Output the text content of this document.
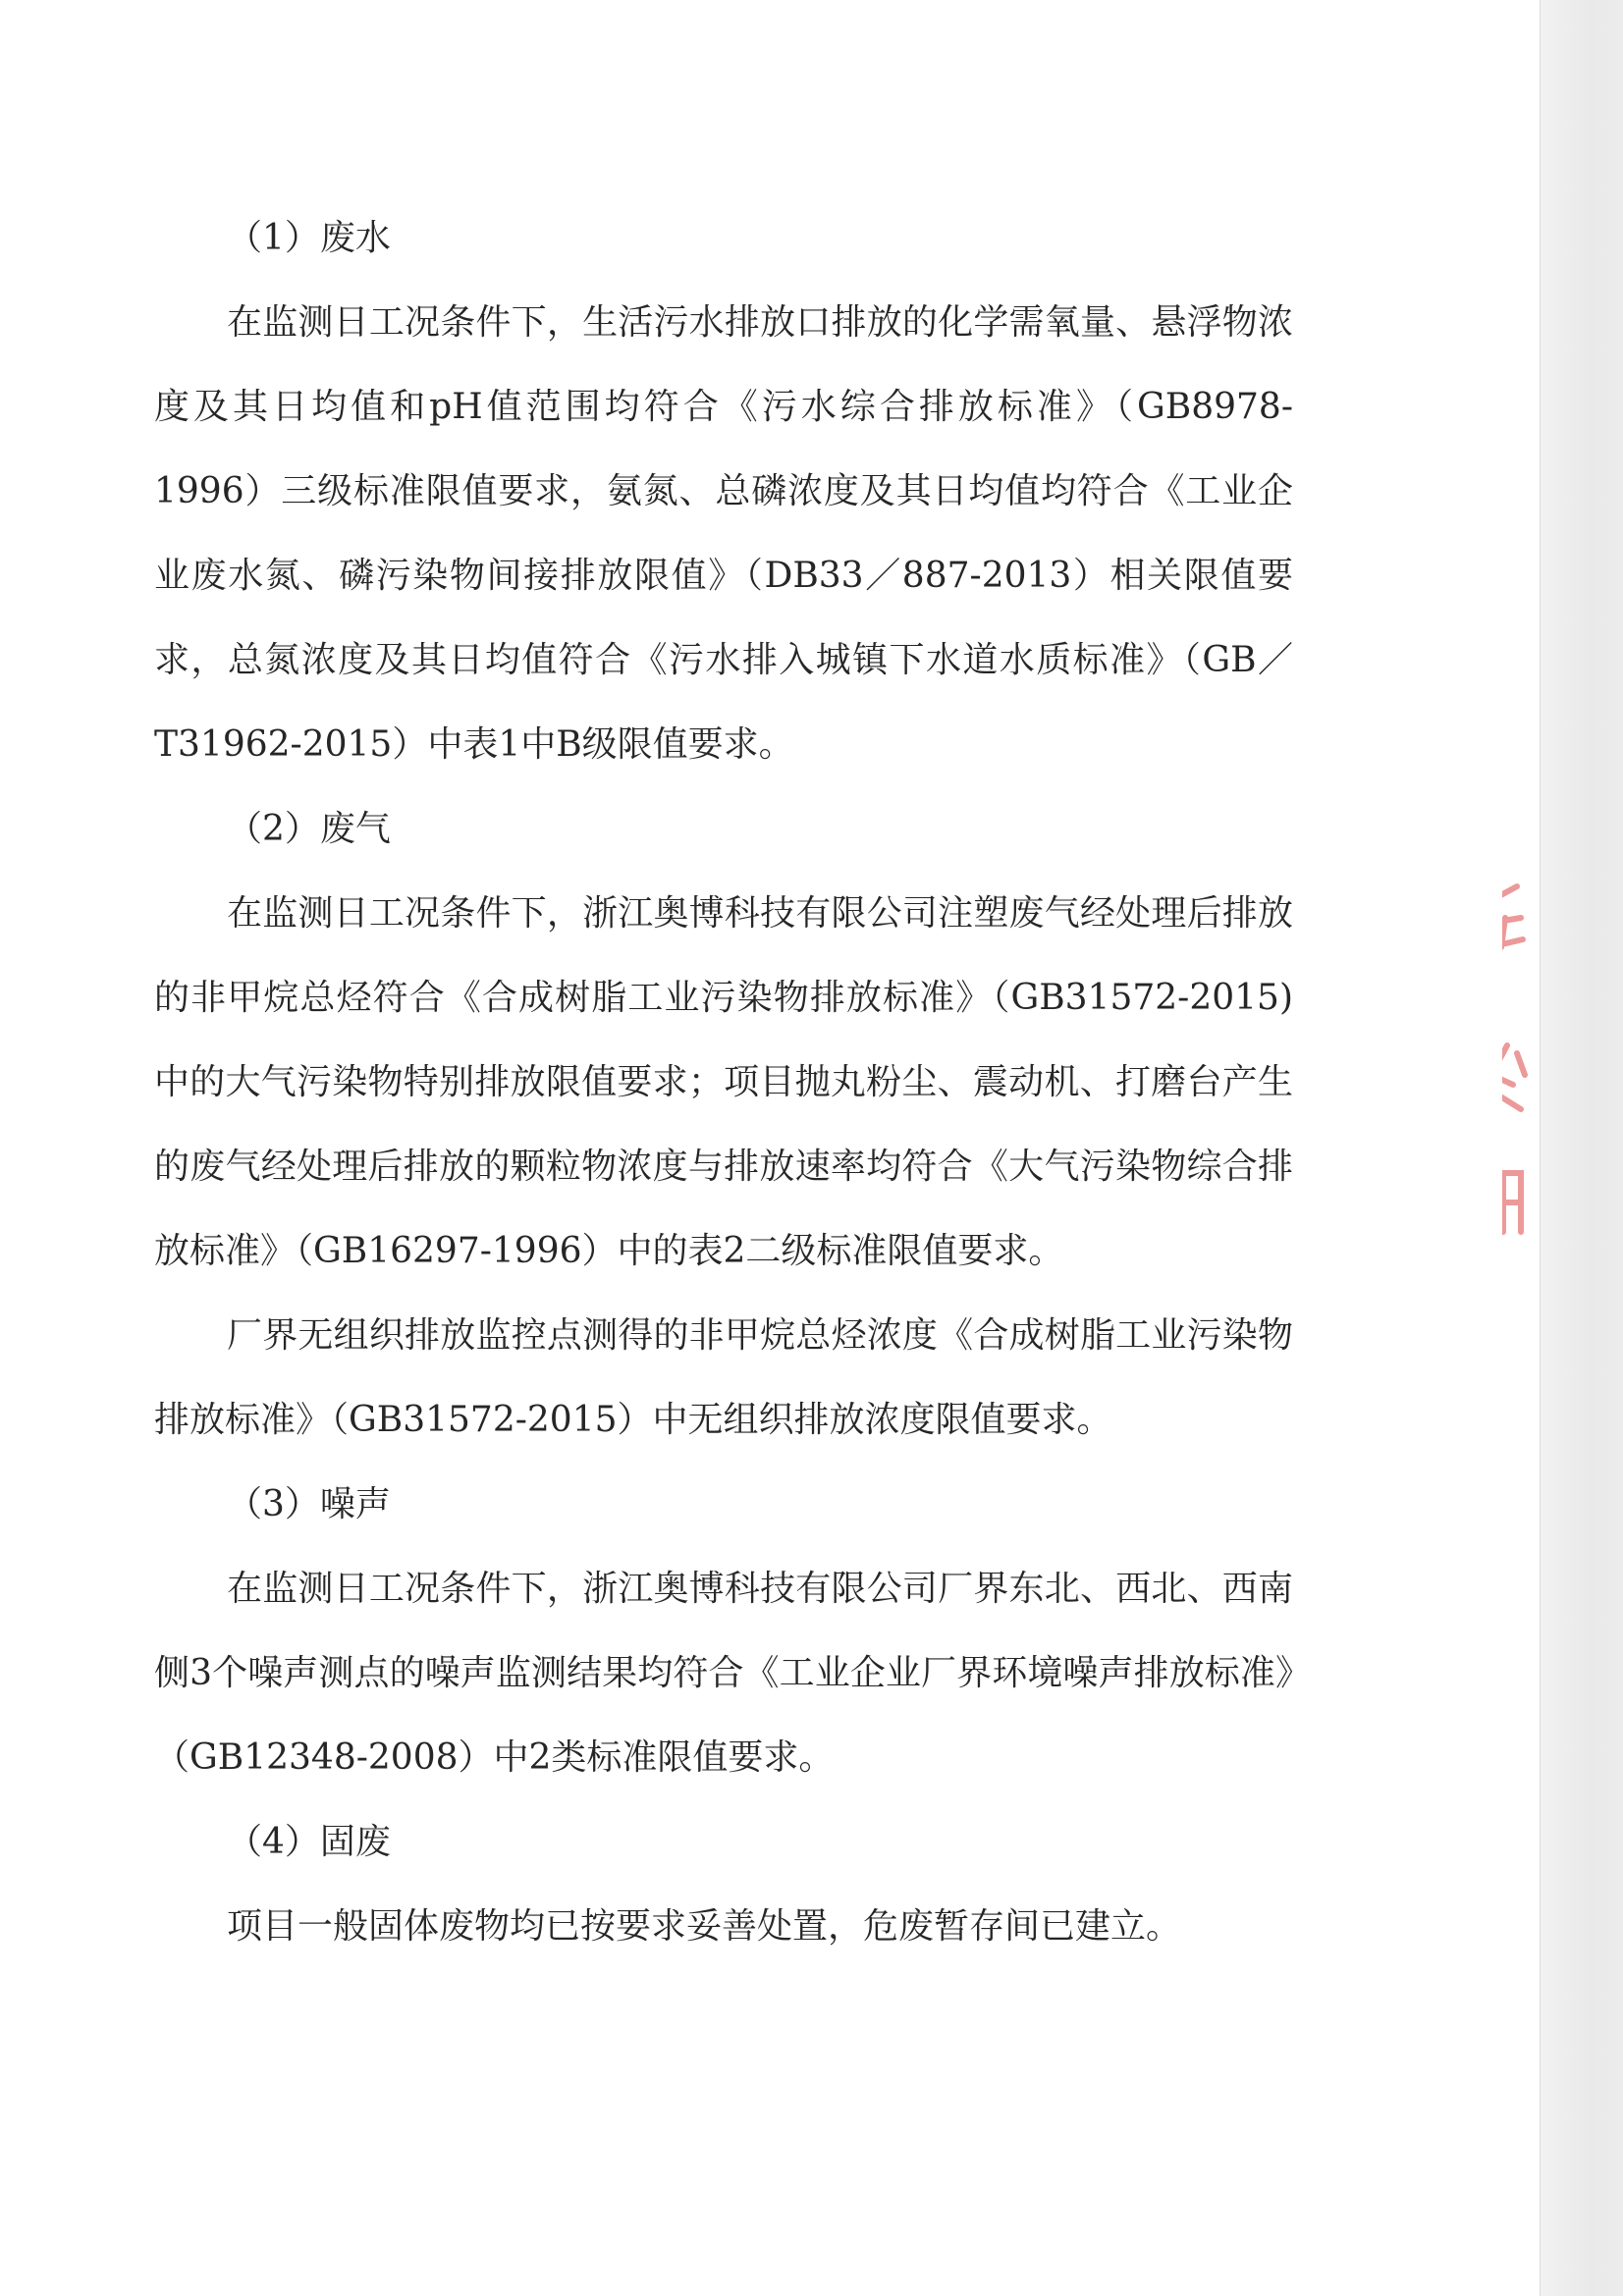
（1）废水

在监测日工况条件下，生活污水排放口排放的化学需氧量、悬浮物浓度及其日均值和pH值范围均符合《污水综合排放标准》（GB8978-1996）三级标准限值要求，氨氮、总磷浓度及其日均值均符合《工业企业废水氮、磷污染物间接排放限值》（DB33／887-2013）相关限值要求，总氮浓度及其日均值符合《污水排入城镇下水道水质标准》（GB／T31962-2015）中表1中B级限值要求。

（2）废气

在监测日工况条件下，浙江奥博科技有限公司注塑废气经处理后排放的非甲烷总烃符合《合成树脂工业污染物排放标准》（GB31572-2015)中的大气污染物特别排放限值要求；项目抛丸粉尘、震动机、打磨台产生的废气经处理后排放的颗粒物浓度与排放速率均符合《大气污染物综合排放标准》（GB16297-1996）中的表2二级标准限值要求。

厂界无组织排放监控点测得的非甲烷总烃浓度《合成树脂工业污染物排放标准》（GB31572-2015）中无组织排放浓度限值要求。

（3）噪声

在监测日工况条件下，浙江奥博科技有限公司厂界东北、西北、西南侧3个噪声测点的噪声监测结果均符合《工业企业厂界环境噪声排放标准》（GB12348-2008）中2类标准限值要求。

（4）固废

项目一般固体废物均已按要求妥善处置，危废暂存间已建立。
